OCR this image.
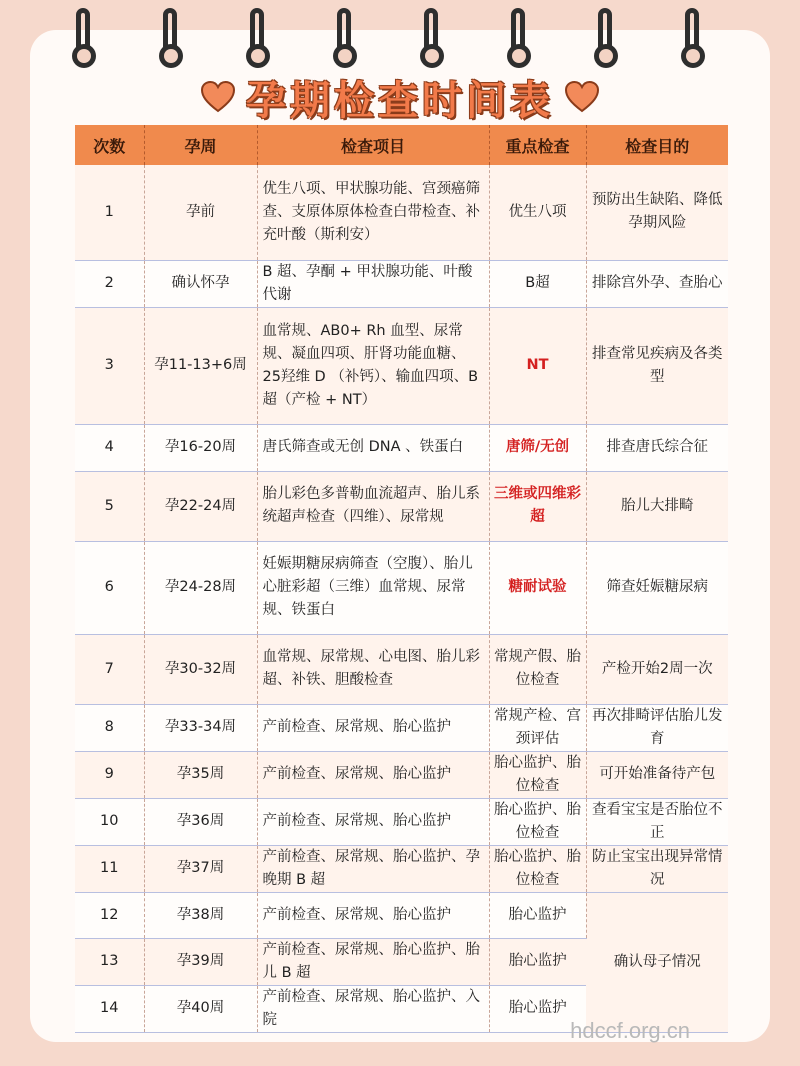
孕期检查时间表
次数	孕周	检查项目	重点检查	检查目的
1	孕前	优生八项、甲状腺功能、宫颈癌筛查、支原体原体检查白带检查、补充叶酸（斯利安）	优生八项	预防出生缺陷、降低孕期风险
2	确认怀孕	B 超、孕酮 + 甲状腺功能、叶酸代谢	B超	排除宫外孕、查胎心
3	孕11-13+6周	血常规、AB0+ Rh 血型、尿常规、凝血四项、肝肾功能血糖、25羟维 D （补钙）、输血四项、B 超（产检 + NT）	NT	排查常见疾病及各类型
4	孕16-20周	唐氏筛查或无创 DNA 、铁蛋白	唐筛/无创	排查唐氏综合征
5	孕22-24周	胎儿彩色多普勒血流超声、胎儿系统超声检查（四维）、尿常规	三维或四维彩超	胎儿大排畸
6	孕24-28周	妊娠期糖尿病筛查（空腹）、胎儿心脏彩超（三维）血常规、尿常规、铁蛋白	糖耐试验	筛查妊娠糖尿病
7	孕30-32周	血常规、尿常规、心电图、胎儿彩超、补铁、胆酸检查	常规产假、胎位检查	产检开始2周一次
8	孕33-34周	产前检查、尿常规、胎心监护	常规产检、宫颈评估	再次排畸评估胎儿发育
9	孕35周	产前检查、尿常规、胎心监护	胎心监护、胎位检查	可开始准备待产包
10	孕36周	产前检查、尿常规、胎心监护	胎心监护、胎位检查	查看宝宝是否胎位不正
11	孕37周	产前检查、尿常规、胎心监护、孕晚期 B 超	胎心监护、胎位检查	防止宝宝出现异常情况
12	孕38周	产前检查、尿常规、胎心监护	胎心监护	确认母子情况
13	孕39周	产前检查、尿常规、胎心监护、胎儿 B 超	胎心监护	
14	孕40周	产前检查、尿常规、胎心监护、入院	胎心监护	
hdccf.org.cn
